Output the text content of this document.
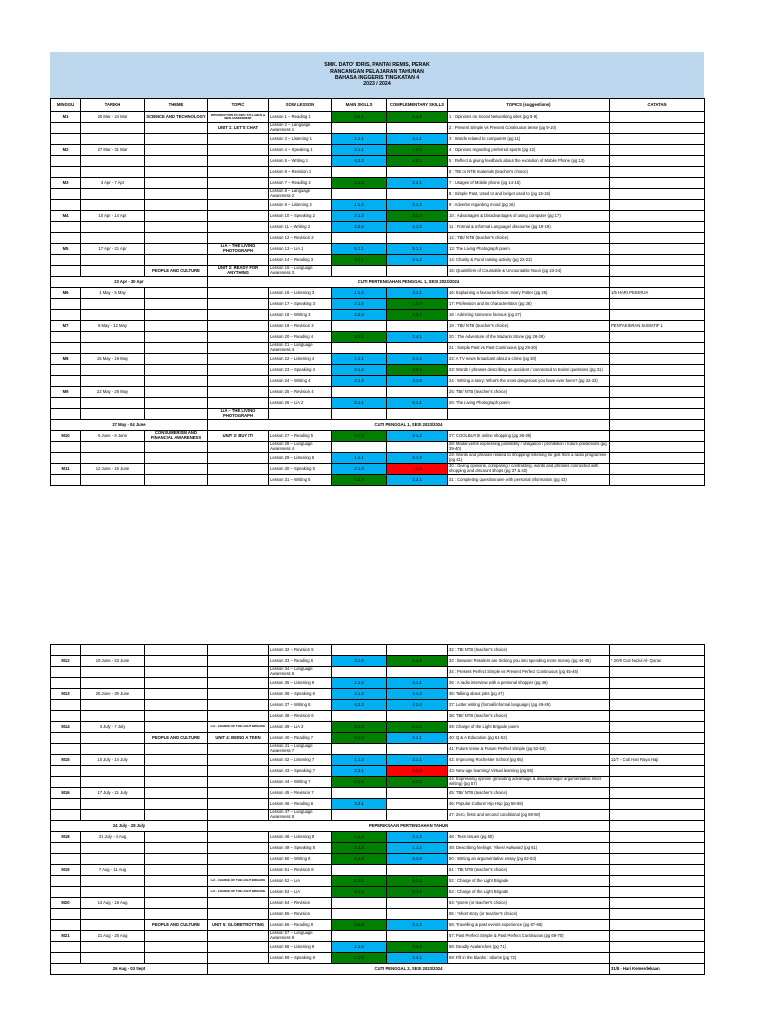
SMK. DATO' IDRIS, PANTAI REMIS, PERAK
RANCANGAN PELAJARAN TAHUNAN
BAHASA INGGERIS TINGKATAN 4
2023 / 2024
MINGGU	TARIKH	THEME	TOPIC	SOW LESSON	MAIN SKILLS	COMPLEMENTARY SKILLS	TOPICS (suggestions)	CATATAN
M1	20 Mar - 24 Mar	SCIENCE AND TECHNOLOGY	INTRODUCTION TO PdPc SYLLABUS & NEW ASSESSMENT	Lesson 1 – Reading 1	3.1.1	2.1.4	1 : Opinions on Social Networking sites (pg 8-9)	
			UNIT 1: LET'S CHAT	Lesson 2 – Language Awareness 1			2 : Present Simple vs Present Continuous tense (pg 9-10)	
				Lesson 3 – Listening 1	1.1.1	3.1.1	3 : Words related to computers (pg 11)	
M2	27 Mar - 31 Mar			Lesson 4 – Speaking 1	2.1.1	1.1.4	4 : Opinions regarding preferred sports (pg 12)	
				Lesson 5 – Writing 1	4.2.3	4.2.1	5 : Reflect & giving feedback about the evolution of Mobile Phone (pg 13)	
				Lesson 6 – Revision 1			6 : TBI or NTB materials (teacher's choice)	
M3	3 Apr - 7 Apr			Lesson 7 – Reading 2	3.1.2	2.3.1	7 : Usages of Mobile phone (pg 14-15)	
				Lesson 8 – Language Awareness 2			8 : Simple Past, Used to and be/get used to (pg 15-16)	
				Lesson 9 – Listening 2	1.1.2	2.1.4	9 : Adverbs regarding mood (pg 16)	
M4	10 Apr - 14 Apr			Lesson 10 – Speaking 2	2.1.3	3.1.3	10 : Advantages & Disadvantages of using computer (pg 17)	
				Lesson 11 – Writing 2	4.2.4	4.1.3	11 : Formal & Informal Language/ discourse (pg 19-19)	
				Lesson 12 – Revision 2			12 : TBI/ NTB (teacher's choice)	
M5	17 Apr - 21 Apr		LiA – THE LIVING PHOTOGRAPH	Lesson 13 – LiA 1	5.1.1	5.1.1	13: The Living Photograph poem	
				Lesson 14 – Reading 3	3.1.1	2.1.4	14: Charity & Fund raising activity (pg 22-23)	
		PEOPLE AND CULTURE	UNIT 2: READY FOR ANYTHING	Lesson 15 – Language Awareness 3			15: Quantifiers of Countable & Uncountable Noun (pg 23-24)	
23 Apr - 30 Apr			CUTI PERTENGAHAN PENGGAL 1, SESI 2023/2024					
M6	1 May - 5 May			Lesson 16 – Listening 3	1.1.2	3.1.1	16: Explaining a favourite fiction: Harry Potter (pg 25)	1/5 HARI PEKERJA
				Lesson 17 – Speaking 3	2.1.4	1.1.4	17: Profession and its characteristics (pg 26)	
				Lesson 18 – Writing 3	4.2.3	4.2.1	18 : Admiring someone famous (pg 27)	
M7	8 May - 12 May			Lesson 19 – Revision 3			19 : TBI/ NTB (teacher's choice)	PENTAKSIRAN SUMATIF 1
				Lesson 20 – Reading 4	3.1.2	2.4.1	20 : The Adventure of the Mazarin Stone (pg 28-29)	
				Lesson 21 – Language Awareness 4			21 : Simple Past vs Past Continuous (pg 29-30)	
M8	15 May - 19 May			Lesson 22 – Listening 4	1.1.1	3.1.4	22: A TV news broadcast about a crime (pg 30)	
				Lesson 23 – Speaking 4	2.1.2	4.2.1	23: Words / phrases describing an accident / connected to trains/ questions (pg 31)	
				Lesson 24 – Writing 4	4.1.4	3.1.6	24 : Writing a story: What's the most dangerous you have ever been? (pg 32-33)	
M9	22 May - 26 May			Lesson 25 – Revision 4			25: TBI/ NTB (teacher's choice)	
				Lesson 26 – LiA 2	5.1.1	5.1.1	26: The Living Photograph poem	
			LiA – THE LIVING PHOTOGRAPH					
27 May - 04 June			CUTI PENGGAL 1, SESI 2023/2024					
M10	5 June - 9 June	CONSUMERISM AND FINANCIAL AWARENESS	UNIT 3: BUY IT!	Lesson 27 – Reading 5	3.1.6	2.1.4	27: COOLBUYS! online shopping (pg 38-39)	
				Lesson 28 – Language Awareness 4			28: Modal verbs expressing possibility / obligation / prohibition / future predictions (pg 39-40)	
				Lesson 29 – Listening 5	1.1.1	3.1.4	29: Words and phrases related to shopping/ listening for gist from a radio programme (pg 41)	
M11	12 June - 16 June			Lesson 30 – Speaking 5	2.1.3	1.1.5	30 : Giving opinions, comparing / contrasting, words and phrases connected with shopping and discount shops (pg 37 & 42)	
				Lesson 31 – Writing 5	4.2.3	2.3.1	31 : Completing questionnaire with personal information (pg 43)	
				Lesson 32 – Revision 5			32 : TBI NTB (teacher's choice)	
M12	19 June - 23 June			Lesson 33 – Reading 6	3.1.6	2.1.4	33 : Beware! Retailers are tricking you into spending more money (pg 44-45)	* 20/6 Cuti Nuzul Al- Quran
				Lesson 34 – Language Awareness 6			34 : Present Perfect Simple vs Present Perfect Continuous (pg 45-46)	
				Lesson 35 – Listening 6	1.1.2	3.1.1	35 : A radio interview with a personal shopper (pg 46)	
M13	26 June - 30 June			Lesson 36 – Speaking 6	2.1.4	4.1.3	36: Talking about jobs (pg 47)	
				Lesson 37 – Writing 6	4.2.3	4.2.4	37: Letter writing (formal/informal language) (pg 49-49)	
				Lesson 38 – Revision 6			38: TBI/ NTB (teacher's choice)	
M14	3 July - 7 July		LiA - CHARGE OF THE LIGHT BRIGADE	Lesson 39 – LiA 3	5.1.2	5.1.2	39: Charge of the Light Brigade poem	
		PEOPLE AND CULTURE	UNIT 4: BEING A TEEN	Lesson 40 – Reading 7	3.1.2	2.1.1	40: Q & A Education (pg 51-52)	
				Lesson 41 – Language Awareness 7			41: Future tense & Future Perfect Simple (pg 52-53)	
M15	10 July - 14 July			Lesson 42 – Listening 7	1.1.2	3.1.1	42: Improving Rochester School (pg 55)	11/7 - Cuti Hari Raya Haji
				Lesson 43 – Speaking 7	2.3.1	3.1.4	43: New age learning/ Virtual learning (pg 56)	
				Lesson 44 – Writing 7	4.1.4	4.1.2	44: Expressing opinion (providing advantage & disadvantage/ argumentative short writing) (pg 57)	
M16	17 July - 21 July			Lesson 45 – Revision 7			45: TBI/ NTB (teacher's choice)	
				Lesson 46 – Reading 8	3.3.1		46: Popular Culture/ Hip Hop (pg 58-59)	
				Lesson 47 – Language Awareness 8			47: Zero, firsts and second conditional (pg 59-60)	
24 July - 28 July			PEPERIKSAAN PERTENGAHAN TAHUN					
M18	31 July - 4 Aug			Lesson 48 – Listening 8	1.1.2	2.1.4	48 : Teen issues (pg 60)	
				Lesson 49 – Speaking 8	2.1.2	1.1.2	49: Describing feelings: Yikes! Awkward (pg 61)	
				Lesson 50 – Writing 8	4.1.3	3.1.6	50 : Writing an argumentative essay (pg 62-63)	
M19	7 Aug - 11 Aug			Lesson 51 – Revision 8			51 : TBI NTB (teacher's choice)	
			LiA - CHARGE OF THE LIGHT BRIGADE	Lesson 52 – LiA	5.1.2	5.1.2	52 : Charge of the Light Brigade	
			LiA - CHARGE OF THE LIGHT BRIGADE	Lesson 53 – LiA	5.1.2	5.1.2	53 : Charge of the Light Brigade	
M20	14 Aug - 18 Aug			Lesson 54 – Revision			54: *poem (or teacher's choice)	
				Lesson 55 – Revision			55 : *short story (or teacher's choice)	
		PEOPLE AND CULTURE	UNIT 5: GLOBETROTTING	Lesson 56 – Reading 9	3.1.6	2.1.4	56: Travelling & past events experience (pg 67-68)	
M21	21 Aug - 25 Aug			Lesson 57 – Language Awareness 9			57: Past Perfect Simple & Past Perfect Continuous (pg 69-70)	
				Lesson 58 – Listening 9	1.1.5	3.1.4	58: Deadly Avalanches (pg 71)	
				Lesson 59 – Speaking 9	1.1.6	2.4.1	59: Fill in the blanks : Idioms (pg 72)	
26 Aug - 03 Sept			CUTI PENGGAL 2, SESI 2023/2024					31/8 - Hari Kemerdekaan
